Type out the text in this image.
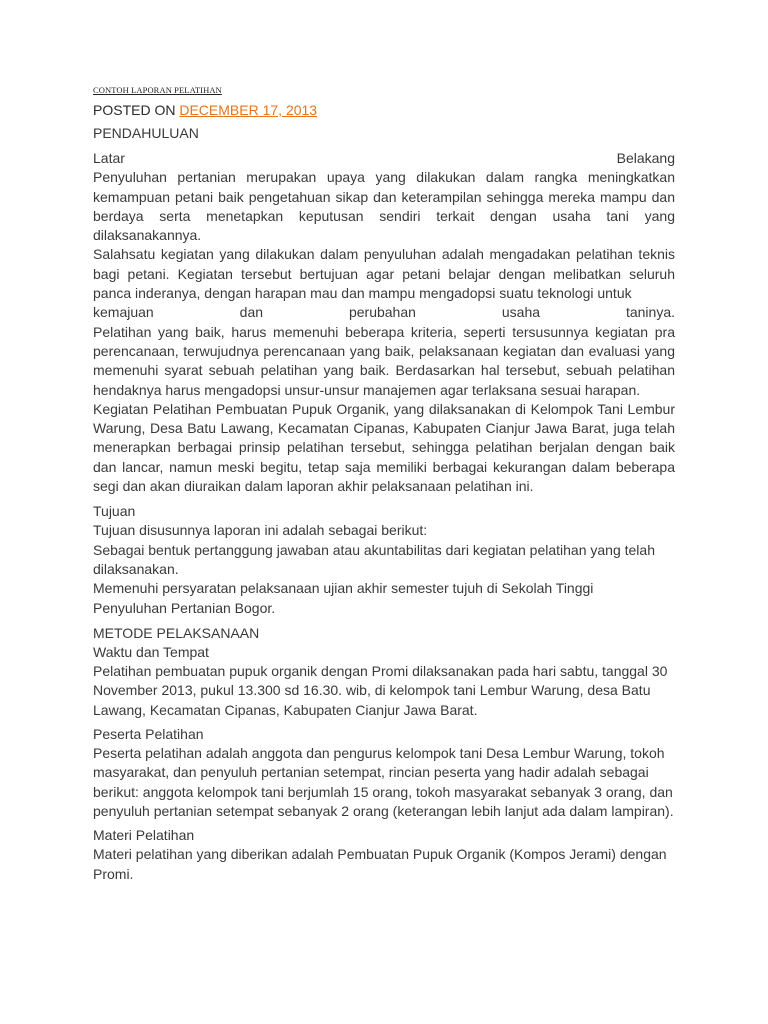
CONTOH LAPORAN PELATIHAN

POSTED ON DECEMBER 17, 2013

PENDAHULUAN

Latar	Belakang

Penyuluhan pertanian merupakan upaya yang dilakukan dalam rangka meningkatkan kemampuan petani baik pengetahuan sikap dan keterampilan sehingga mereka mampu dan berdaya serta menetapkan keputusan sendiri terkait dengan usaha tani yang dilaksanakannya.

Salahsatu kegiatan yang dilakukan dalam penyuluhan adalah mengadakan pelatihan teknis bagi petani. Kegiatan tersebut bertujuan agar petani belajar dengan melibatkan seluruh panca inderanya, dengan harapan mau dan mampu mengadopsi suatu teknologi untuk

kemajuan dan perubahan usaha taninya.

Pelatihan yang baik, harus memenuhi beberapa kriteria, seperti tersusunnya kegiatan pra perencanaan, terwujudnya perencanaan yang baik, pelaksanaan kegiatan dan evaluasi yang memenuhi syarat sebuah pelatihan yang baik. Berdasarkan hal tersebut, sebuah pelatihan hendaknya harus mengadopsi unsur-unsur manajemen agar terlaksana sesuai harapan.

Kegiatan Pelatihan Pembuatan Pupuk Organik, yang dilaksanakan di Kelompok Tani Lembur Warung, Desa Batu Lawang, Kecamatan Cipanas, Kabupaten Cianjur Jawa Barat, juga telah menerapkan berbagai prinsip pelatihan tersebut, sehingga pelatihan berjalan dengan baik dan lancar, namun meski begitu, tetap saja memiliki berbagai kekurangan dalam beberapa segi dan akan diuraikan dalam laporan akhir pelaksanaan pelatihan ini.

Tujuan

Tujuan disusunnya laporan ini adalah sebagai berikut:

Sebagai bentuk pertanggung jawaban atau akuntabilitas dari kegiatan pelatihan yang telah dilaksanakan.

Memenuhi persyaratan pelaksanaan ujian akhir semester tujuh di Sekolah Tinggi Penyuluhan Pertanian Bogor.

METODE PELAKSANAAN

Waktu dan Tempat

Pelatihan pembuatan pupuk organik dengan Promi dilaksanakan pada hari sabtu, tanggal 30 November 2013, pukul 13.300 sd 16.30. wib, di kelompok tani Lembur Warung, desa Batu Lawang, Kecamatan Cipanas, Kabupaten Cianjur Jawa Barat.

Peserta Pelatihan

Peserta pelatihan adalah anggota dan pengurus kelompok tani Desa Lembur Warung, tokoh masyarakat, dan penyuluh pertanian setempat, rincian peserta yang hadir adalah sebagai berikut: anggota kelompok tani berjumlah 15 orang, tokoh masyarakat sebanyak 3 orang, dan penyuluh pertanian setempat sebanyak 2 orang (keterangan lebih lanjut ada dalam lampiran).

Materi Pelatihan

Materi pelatihan yang diberikan adalah Pembuatan Pupuk Organik (Kompos Jerami) dengan Promi.
